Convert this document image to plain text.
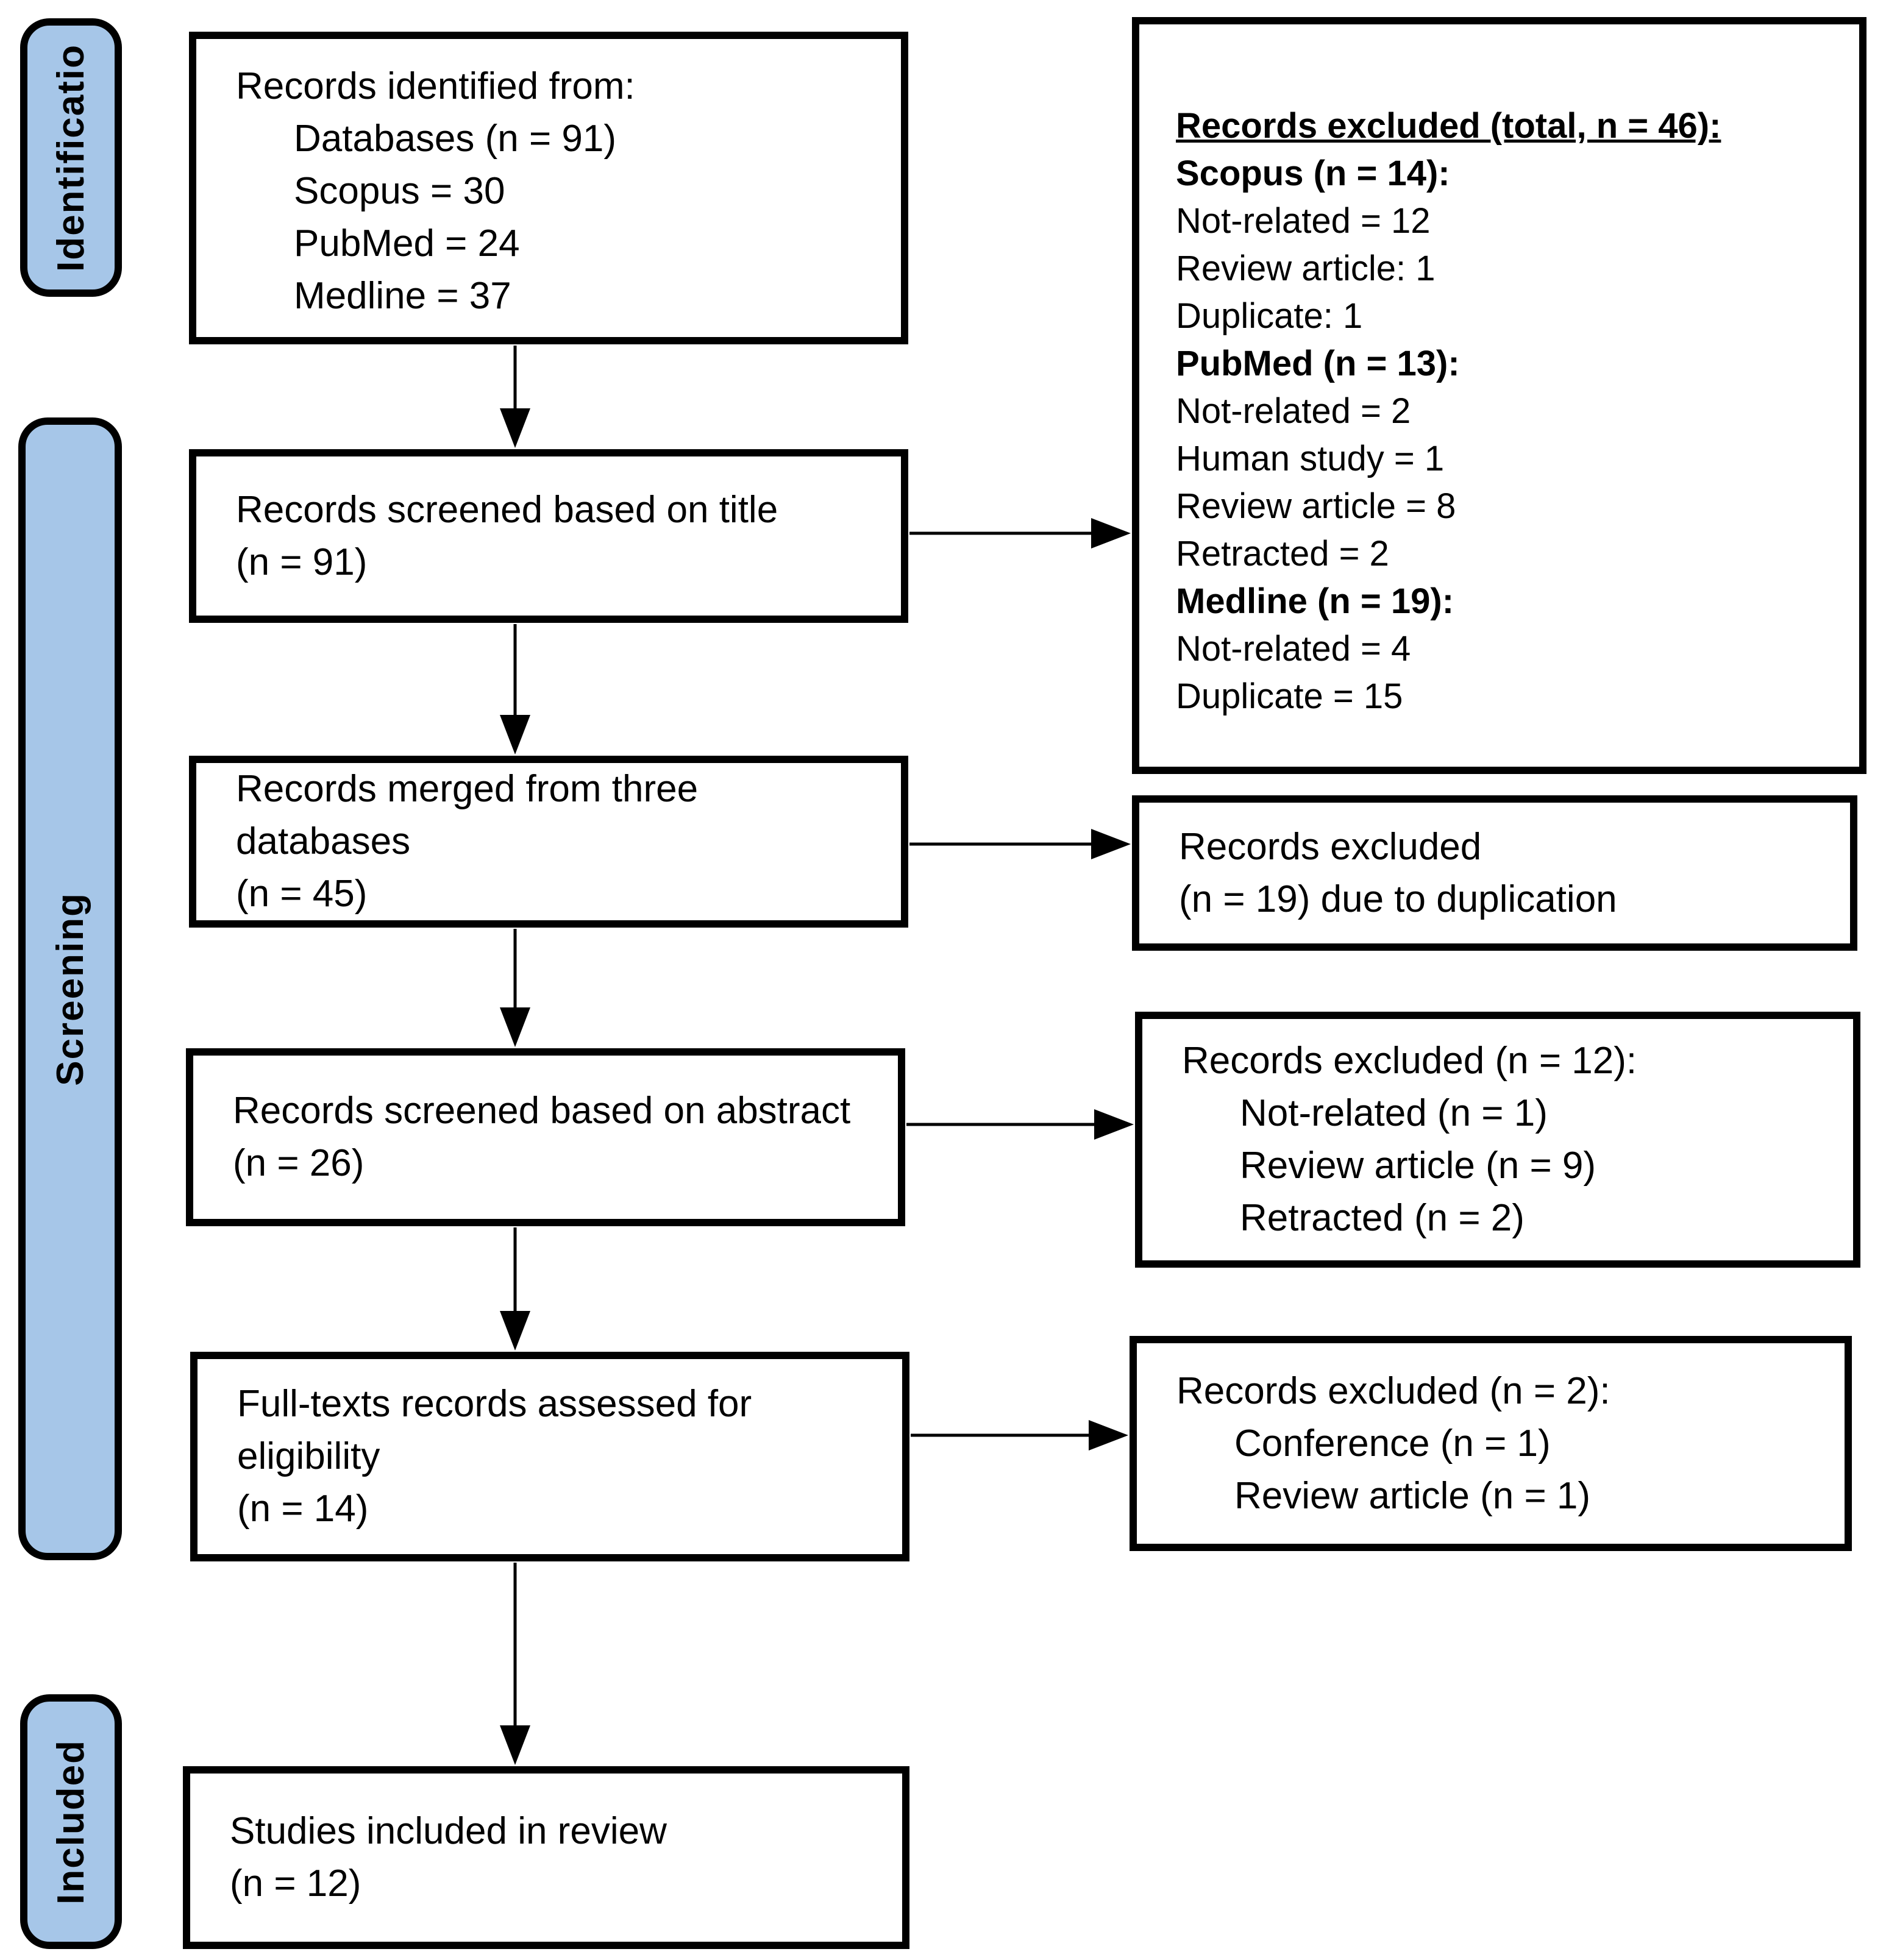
Identificatio
Screening
Included
Records identified from:
Databases (n = 91)
Scopus = 30
PubMed = 24
Medline = 37
Records screened based on title
(n = 91)
Records merged from three databases
(n = 45)
Records screened based on abstract
(n = 26)
Full-texts records assessed for eligibility
(n = 14)
Studies included in review
(n = 12)
Records excluded (total, n = 46):
Scopus (n = 14):
Not-related = 12
Review article: 1
Duplicate: 1
PubMed (n = 13):
Not-related = 2
Human study = 1
Review article = 8
Retracted = 2
Medline (n = 19):
Not-related = 4
Duplicate = 15
Records excluded
(n = 19) due to duplication
Records excluded (n = 12):
Not-related (n = 1)
Review article (n = 9)
Retracted (n = 2)
Records excluded (n = 2):
Conference (n = 1)
Review article (n = 1)
